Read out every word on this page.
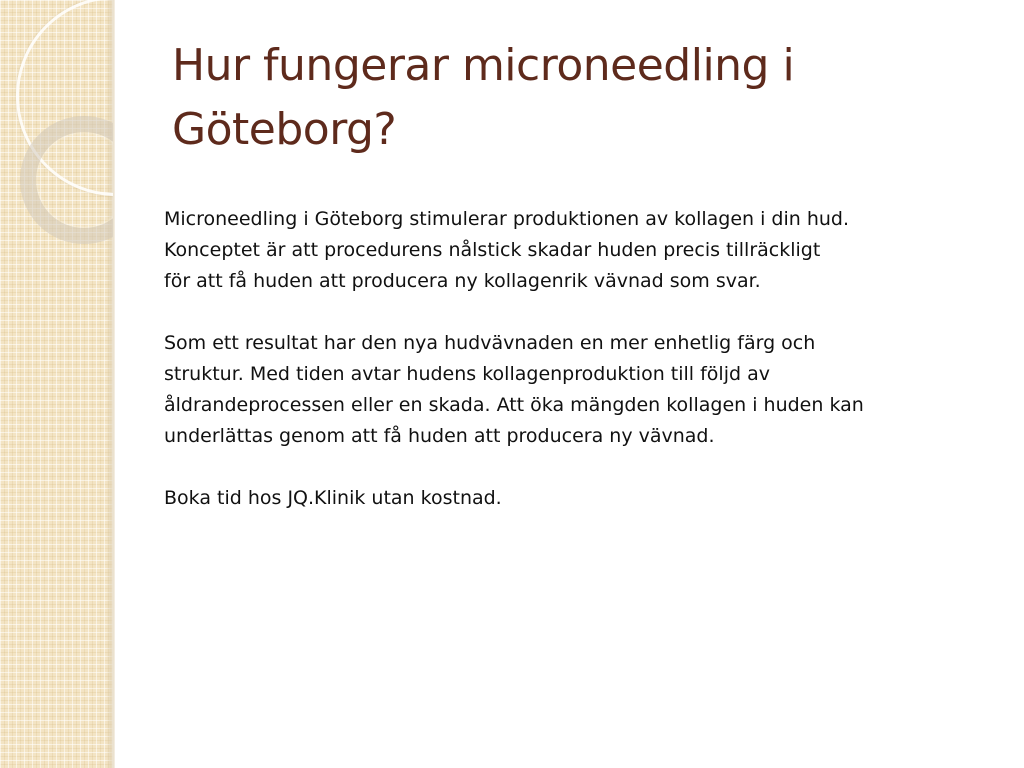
Hur fungerar microneedling i Göteborg?

Microneedling i Göteborg stimulerar produktionen av kollagen i din hud.
Konceptet är att procedurens nålstick skadar huden precis tillräckligt
för att få huden att producera ny kollagenrik vävnad som svar.

Som ett resultat har den nya hudvävnaden en mer enhetlig färg och
struktur. Med tiden avtar hudens kollagenproduktion till följd av
åldrandeprocessen eller en skada. Att öka mängden kollagen i huden kan
underlättas genom att få huden att producera ny vävnad.

Boka tid hos JQ.Klinik utan kostnad.
